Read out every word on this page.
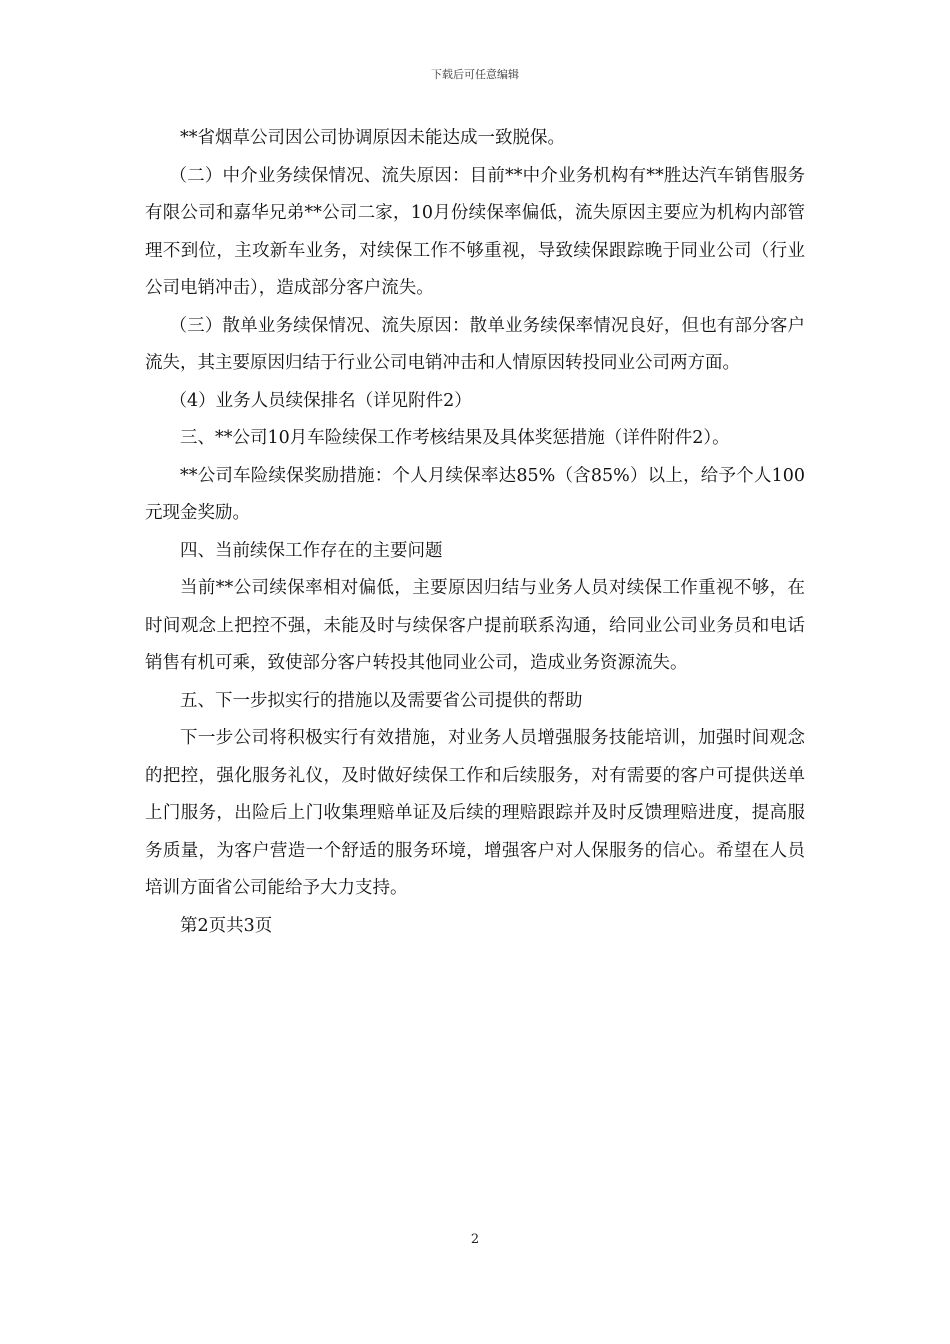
下载后可任意编辑

**省烟草公司因公司协调原因未能达成一致脱保。

（二）中介业务续保情况、流失原因：目前**中介业务机构有**胜达汽车销售服务有限公司和嘉华兄弟**公司二家，10月份续保率偏低，流失原因主要应为机构内部管理不到位，主攻新车业务，对续保工作不够重视，导致续保跟踪晚于同业公司（行业公司电销冲击），造成部分客户流失。

（三）散单业务续保情况、流失原因：散单业务续保率情况良好，但也有部分客户流失，其主要原因归结于行业公司电销冲击和人情原因转投同业公司两方面。

（4）业务人员续保排名（详见附件2）

三、**公司10月车险续保工作考核结果及具体奖惩措施（详件附件2）。

**公司车险续保奖励措施：个人月续保率达85%（含85%）以上，给予个人100元现金奖励。

四、当前续保工作存在的主要问题

当前**公司续保率相对偏低，主要原因归结与业务人员对续保工作重视不够，在时间观念上把控不强，未能及时与续保客户提前联系沟通，给同业公司业务员和电话销售有机可乘，致使部分客户转投其他同业公司，造成业务资源流失。

五、下一步拟实行的措施以及需要省公司提供的帮助

下一步公司将积极实行有效措施，对业务人员增强服务技能培训，加强时间观念的把控，强化服务礼仪，及时做好续保工作和后续服务，对有需要的客户可提供送单上门服务，出险后上门收集理赔单证及后续的理赔跟踪并及时反馈理赔进度，提高服务质量，为客户营造一个舒适的服务环境，增强客户对人保服务的信心。希望在人员培训方面省公司能给予大力支持。

第2页共3页

2
